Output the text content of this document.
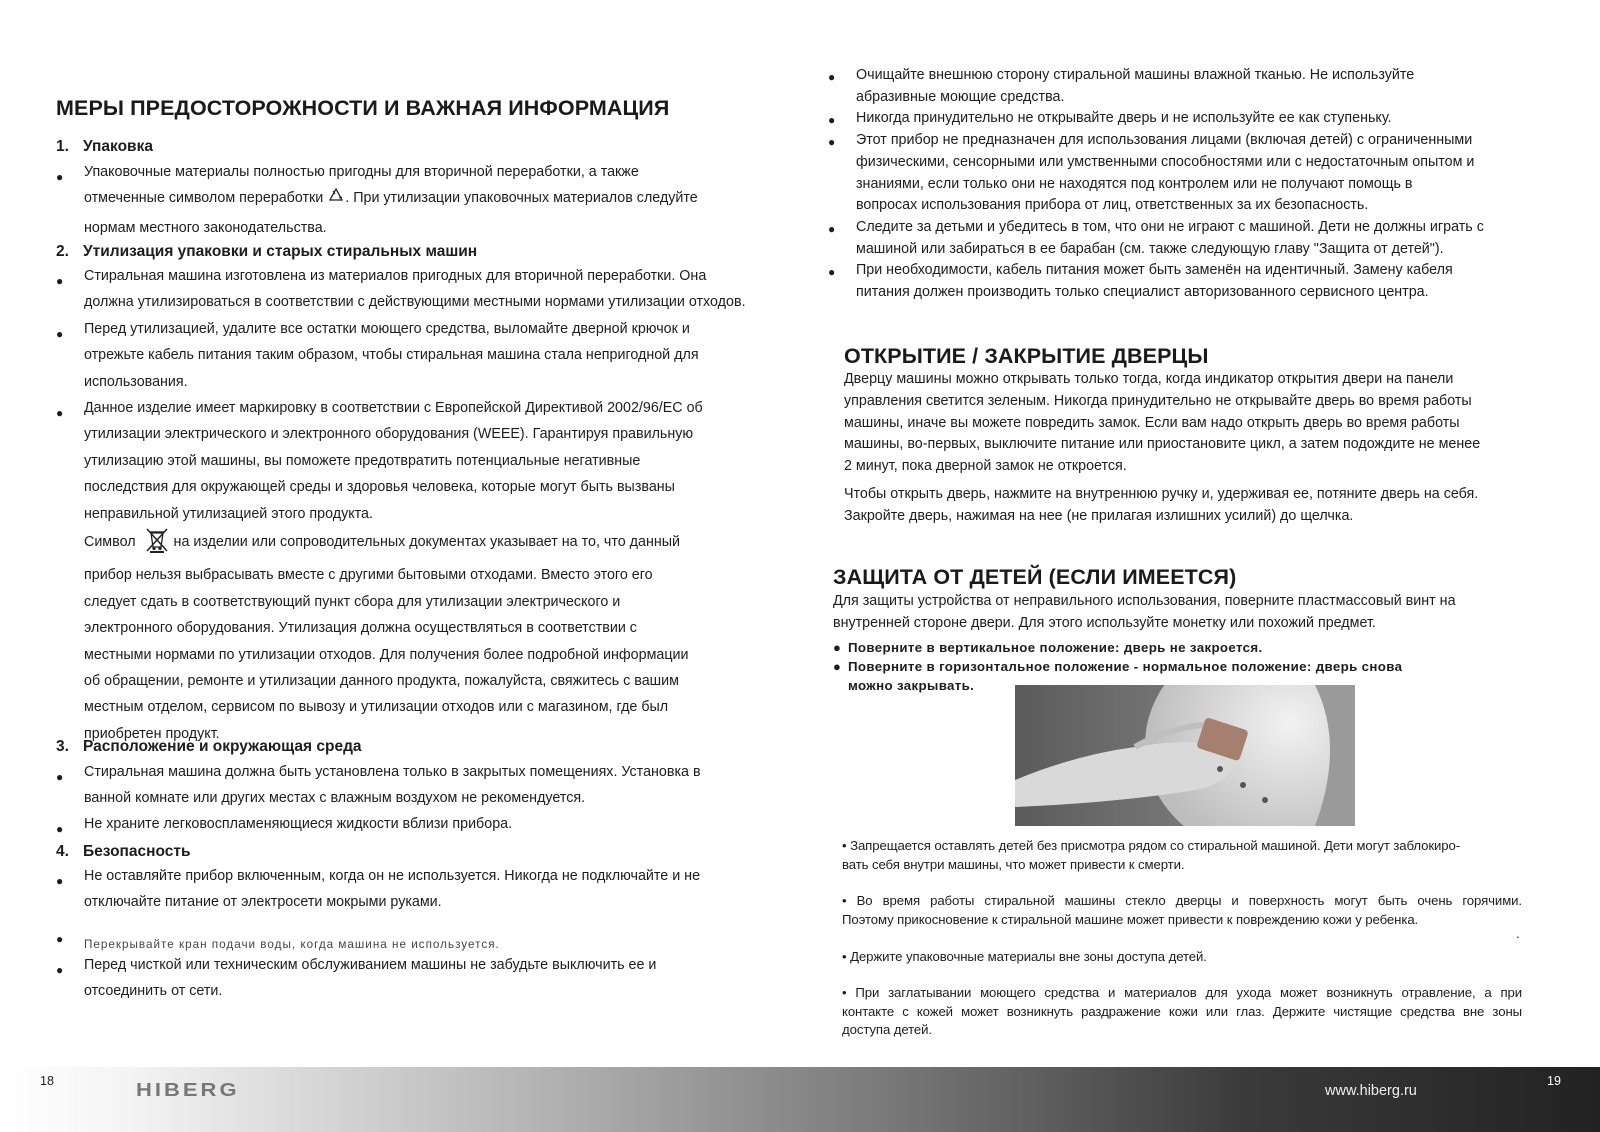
МЕРЫ ПРЕДОСТОРОЖНОСТИ И ВАЖНАЯ ИНФОРМАЦИЯ
1. Упаковка
● Упаковочные материалы полностью пригодны для вторичной переработки, а также
отмеченные символом переработки . При утилизации упаковочных материалов следуйте
нормам местного законодательства.
2. Утилизация упаковки и старых стиральных машин
● Стиральная машина изготовлена из материалов пригодных для вторичной переработки. Она
должна утилизироваться в соответствии с действующими местными нормами утилизации отходов.
● Перед утилизацией, удалите все остатки моющего средства, выломайте дверной крючок и
отрежьте кабель питания таким образом, чтобы стиральная машина стала непригодной для
использования.
● Данное изделие имеет маркировку в соответствии с Европейской Директивой 2002/96/EC об
утилизации электрического и электронного оборудования (WEEE). Гарантируя правильную
утилизацию этой машины, вы поможете предотвратить потенциальные негативные
последствия для окружающей среды и здоровья человека, которые могут быть вызваны
неправильной утилизацией этого продукта.
Символ	на изделии или сопроводительных документах указывает на то, что данный
прибор нельзя выбрасывать вместе с другими бытовыми отходами. Вместо этого его
следует сдать в соответствующий пункт сбора для утилизации электрического и
электронного оборудования. Утилизация должна осуществляться в соответствии с
местными нормами по утилизации отходов. Для получения более подробной информации
об обращении, ремонте и утилизации данного продукта, пожалуйста, свяжитесь с вашим
местным отделом, сервисом по вывозу и утилизации отходов или с магазином, где был
приобретен продукт.
3. Расположение и окружающая среда
● Стиральная машина должна быть установлена только в закрытых помещениях. Установка в
ванной комнате или других местах с влажным воздухом не рекомендуется.
● Не храните легковоспламеняющиеся жидкости вблизи прибора.
4. Безопасность
● Не оставляйте прибор включенным, когда он не используется. Никогда не подключайте и не
отключайте питание от электросети мокрыми руками.
● Перекрывайте кран подачи воды, когда машина не используется.
● Перед чисткой или техническим обслуживанием машины не забудьте выключить ее и
отсоединить от сети.
● Очищайте внешнюю сторону стиральной машины влажной тканью. Не используйте
абразивные моющие средства.
● Никогда принудительно не открывайте дверь и не используйте ее как ступеньку.
● Этот прибор не предназначен для использования лицами (включая детей) с ограниченными
физическими, сенсорными или умственными способностями или с недостаточным опытом и
знаниями, если только они не находятся под контролем или не получают помощь в
вопросах использования прибора от лиц, ответственных за их безопасность.
● Следите за детьми и убедитесь в том, что они не играют с машиной. Дети не должны играть с
машиной или забираться в ее барабан (см. также следующую главу "Защита от детей").
● При необходимости, кабель питания может быть заменён на идентичный. Замену кабеля
питания должен производить только специалист авторизованного сервисного центра.
ОТКРЫТИЕ / ЗАКРЫТИЕ ДВЕРЦЫ
Дверцу машины можно открывать только тогда, когда индикатор открытия двери на панели
управления светится зеленым. Никогда принудительно не открывайте дверь во время работы
машины, иначе вы можете повредить замок. Если вам надо открыть дверь во время работы
машины, во-первых, выключите питание или приостановите цикл, а затем подождите не менее
2 минут, пока дверной замок не откроется.
Чтобы открыть дверь, нажмите на внутреннюю ручку и, удерживая ее, потяните дверь на себя.
Закройте дверь, нажимая на нее (не прилагая излишних усилий) до щелчка.
ЗАЩИТА ОТ ДЕТЕЙ (ЕСЛИ ИМЕЕТСЯ)
Для защиты устройства от неправильного использования, поверните пластмассовый винт на
внутренней стороне двери. Для этого используйте монетку или похожий предмет.
● Поверните в вертикальное положение: дверь не закроется.
● Поверните в горизонтальное положение - нормальное положение: дверь снова
можно закрывать.
• Запрещается оставлять детей без присмотра рядом со стиральной машиной. Дети могут заблокиро-
вать себя внутри машины, что может привести к смерти.
• Во время работы стиральной машины стекло дверцы и поверхность могут быть очень горячими.
Поэтому прикосновение к стиральной машине может привести к повреждению кожи у ребенка.
.
• Держите упаковочные материалы вне зоны доступа детей.
• При заглатывании моющего средства и материалов для ухода может возникнуть отравление, а при
контакте с кожей может возникнуть раздражение кожи или глаз. Держите чистящие средства вне зоны
доступа детей.
18	19
HIBERG	www.hiberg.ru
